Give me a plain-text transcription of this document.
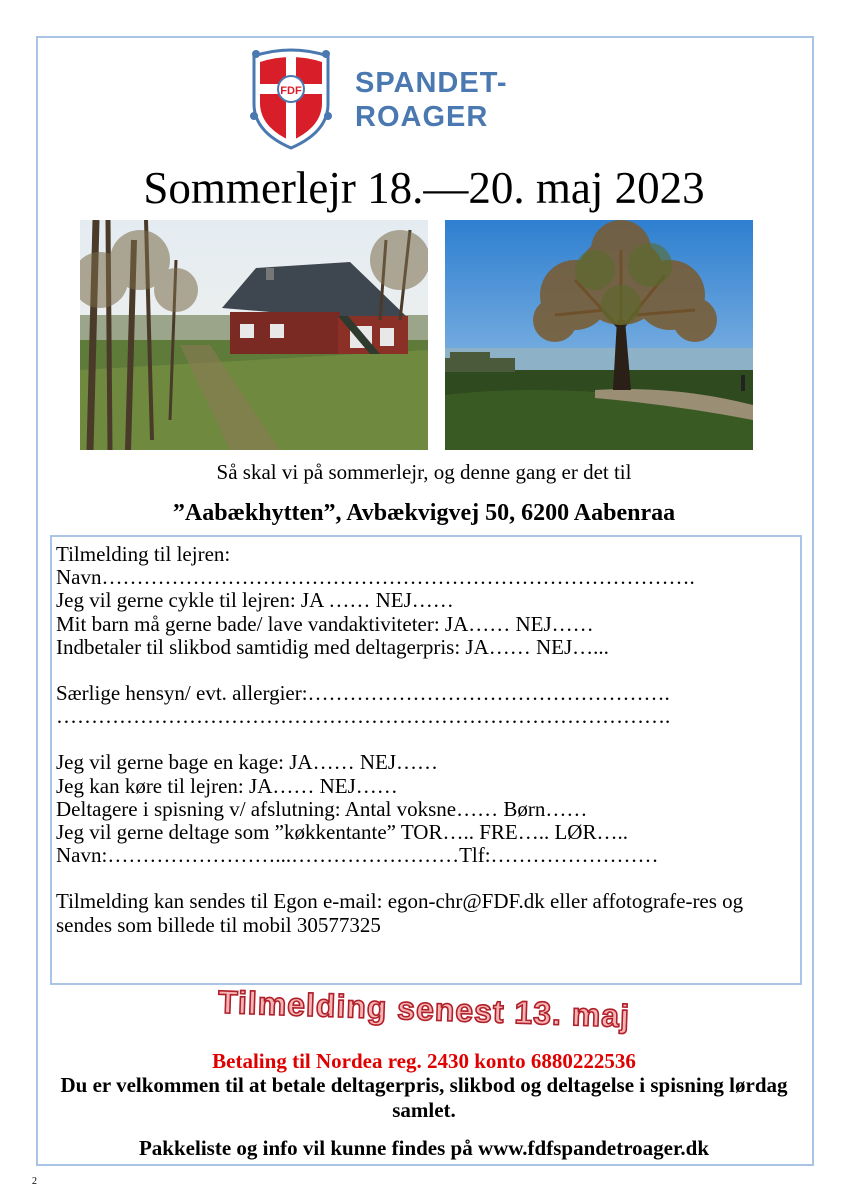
FDF SPANDET-
ROAGER
Sommerlejr 18.—20. maj 2023
Så skal vi på sommerlejr, og denne gang er det til
”Aabækhytten”, Avbækvigvej 50, 6200 Aabenraa
Tilmelding til lejren:
Navn………………………………………………………………………….
Jeg vil gerne cykle til lejren: JA …… NEJ……
Mit barn må gerne bade/ lave vandaktiviteter: JA…… NEJ……
Indbetaler til slikbod samtidig med deltagerpris: JA…… NEJ…...
Særlige hensyn/ evt. allergier:…………………………………………….
…………………………………………………………………………….
Jeg vil gerne bage en kage: JA…… NEJ……
Jeg kan køre til lejren: JA…… NEJ……
Deltagere i spisning v/ afslutning: Antal voksne…… Børn……
Jeg vil gerne deltage som ”køkkentante” TOR….. FRE….. LØR…..
Navn:……………………...……………………Tlf:……………………
Tilmelding kan sendes til Egon e-mail: egon-chr@FDF.dk eller affotografe-res og sendes som billede til mobil 30577325
Tilmelding senest 13. maj
Betaling til Nordea reg. 2430 konto 6880222536
Du er velkommen til at betale deltagerpris, slikbod og deltagelse i spisning lørdag samlet.
Pakkeliste og info vil kunne findes på www.fdfspandetroager.dk
2
